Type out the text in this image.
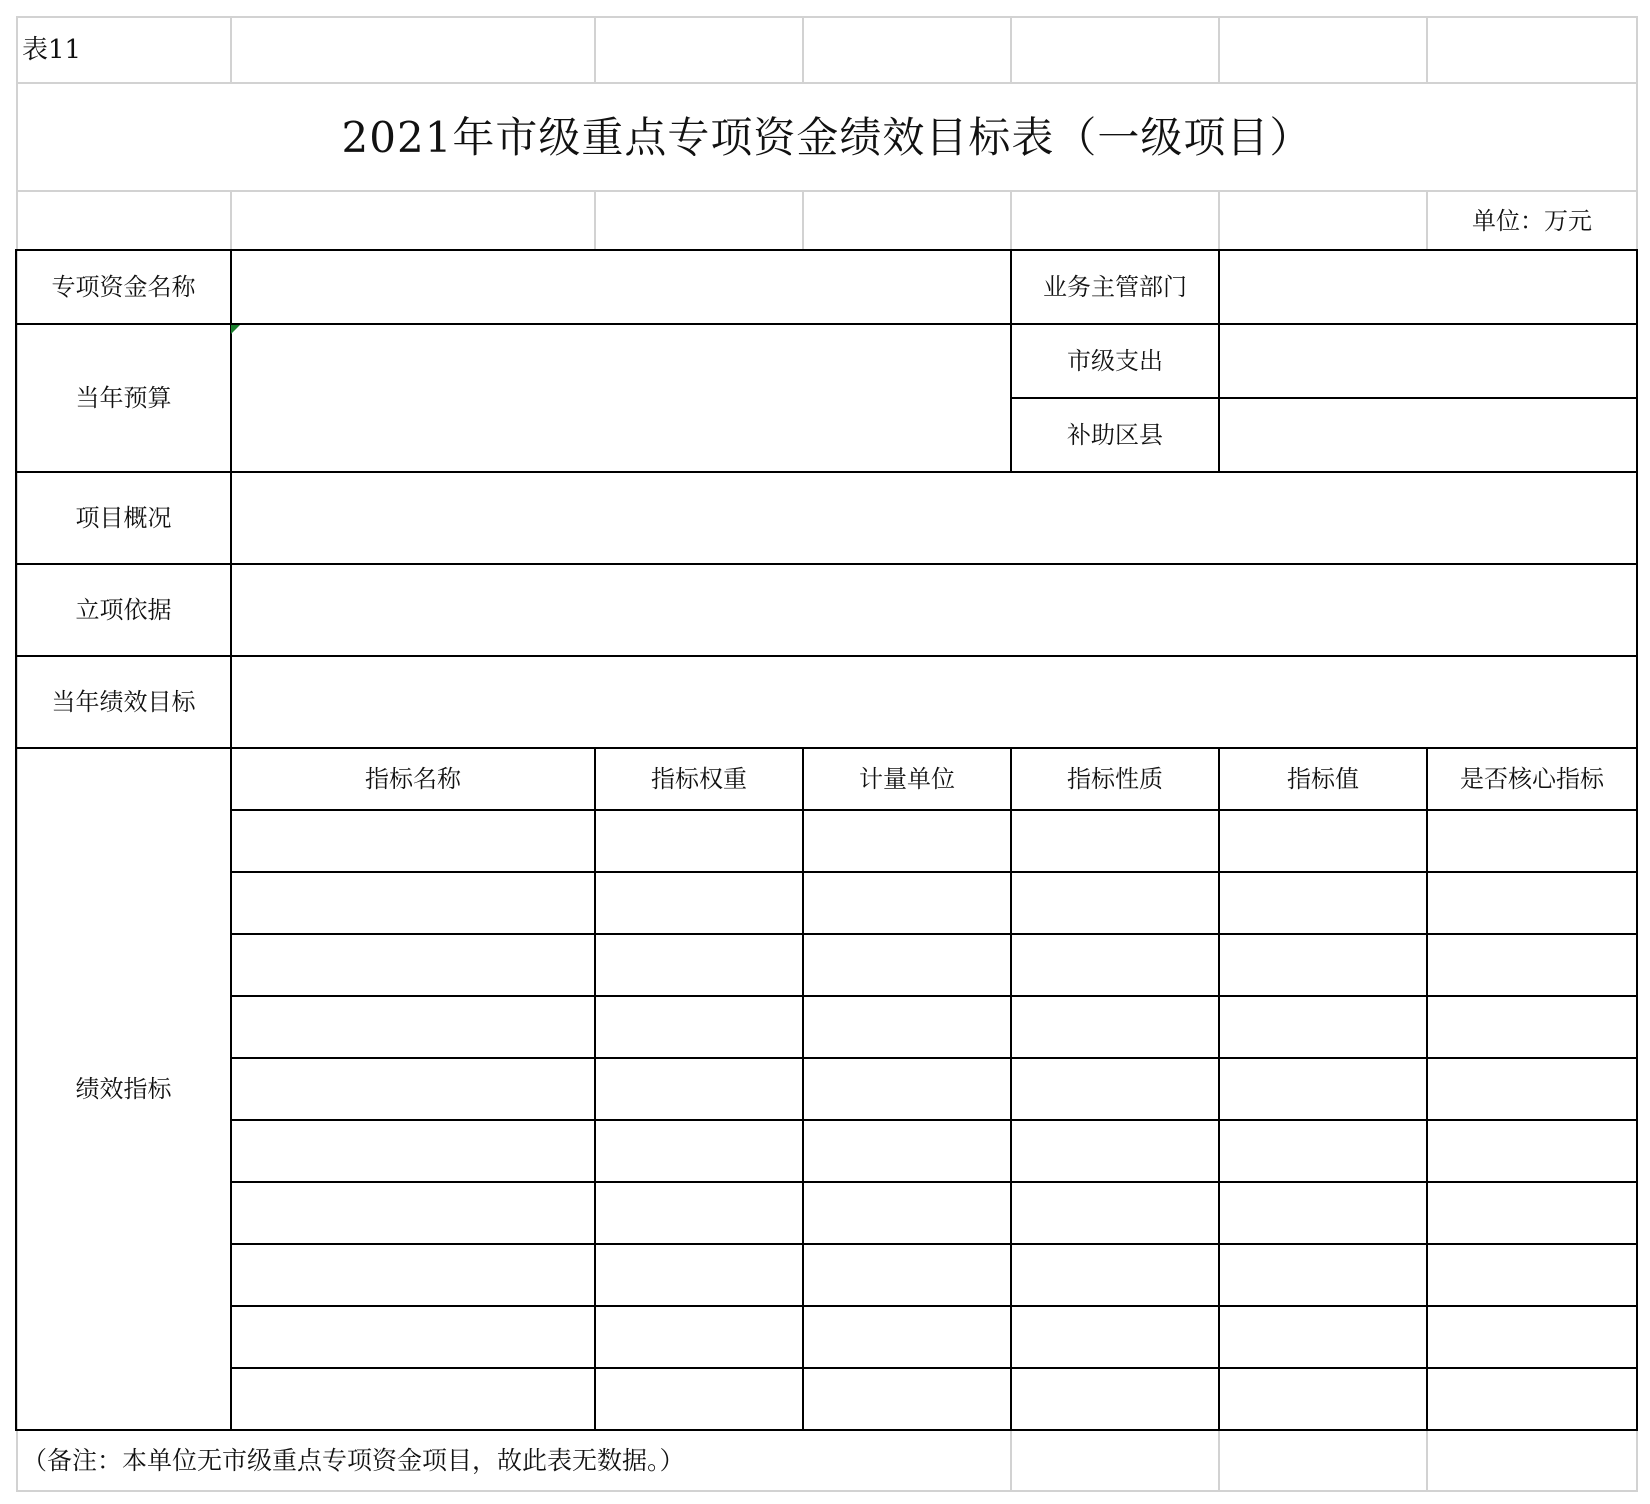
表11
2021年市级重点专项资金绩效目标表（一级项目）
单位：万元
专项资金名称	业务主管部门
当年预算
市级支出
补助区县
项目概况
立项依据
当年绩效目标
绩效指标
指标名称	指标权重	计量单位	指标性质	指标值	是否核心指标
（备注：本单位无市级重点专项资金项目，故此表无数据。）
